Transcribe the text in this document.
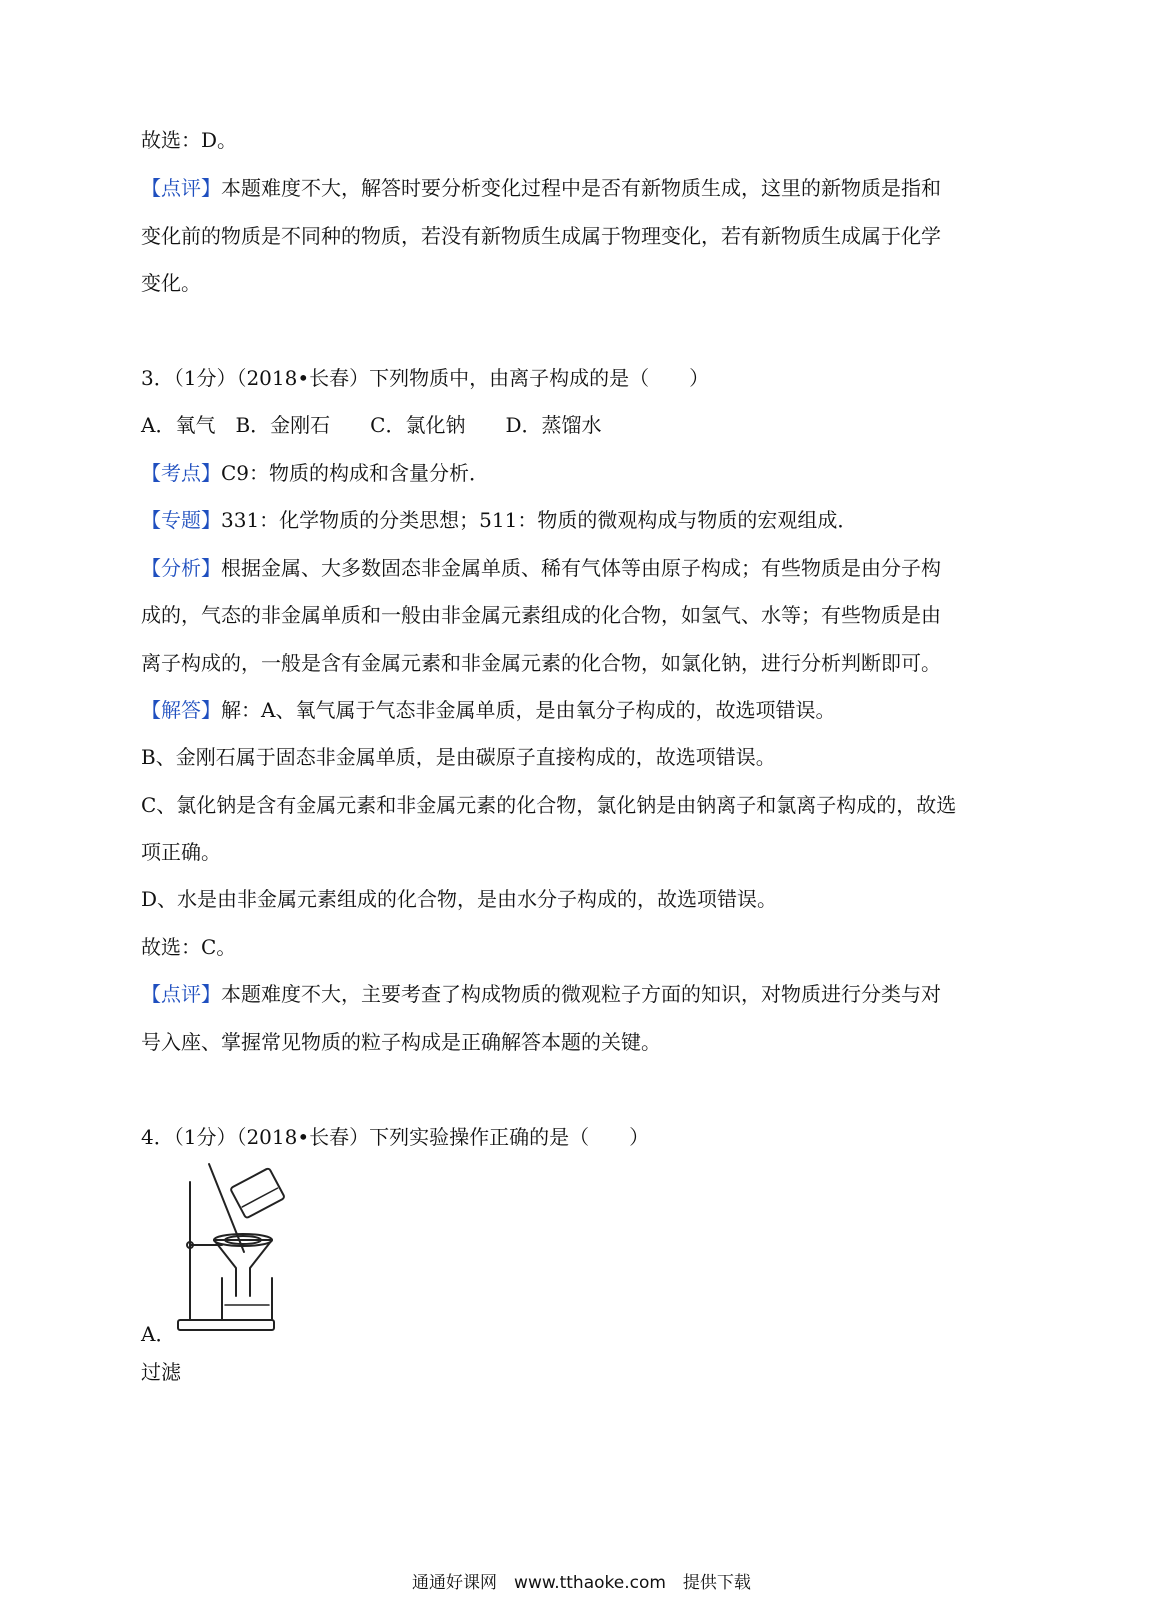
故选：D。
【点评】本题难度不大，解答时要分析变化过程中是否有新物质生成，这里的新物质是指和
变化前的物质是不同种的物质，若没有新物质生成属于物理变化，若有新物质生成属于化学
变化。
3．（1分）（2018•长春）下列物质中，由离子构成的是（　　）
A．氧气　B．金刚石　　C．氯化钠　　D．蒸馏水
【考点】C9：物质的构成和含量分析．
【专题】331：化学物质的分类思想；511：物质的微观构成与物质的宏观组成．
【分析】根据金属、大多数固态非金属单质、稀有气体等由原子构成；有些物质是由分子构
成的，气态的非金属单质和一般由非金属元素组成的化合物，如氢气、水等；有些物质是由
离子构成的，一般是含有金属元素和非金属元素的化合物，如氯化钠，进行分析判断即可。
【解答】解：A、氧气属于气态非金属单质，是由氧分子构成的，故选项错误。
B、金刚石属于固态非金属单质，是由碳原子直接构成的，故选项错误。
C、氯化钠是含有金属元素和非金属元素的化合物，氯化钠是由钠离子和氯离子构成的，故选
项正确。
D、水是由非金属元素组成的化合物，是由水分子构成的，故选项错误。
故选：C。
【点评】本题难度不大，主要考查了构成物质的微观粒子方面的知识，对物质进行分类与对
号入座、掌握常见物质的粒子构成是正确解答本题的关键。
4．（1分）（2018•长春）下列实验操作正确的是（　　）
A．
过滤
通通好课网　www.tthaoke.com　提供下载
